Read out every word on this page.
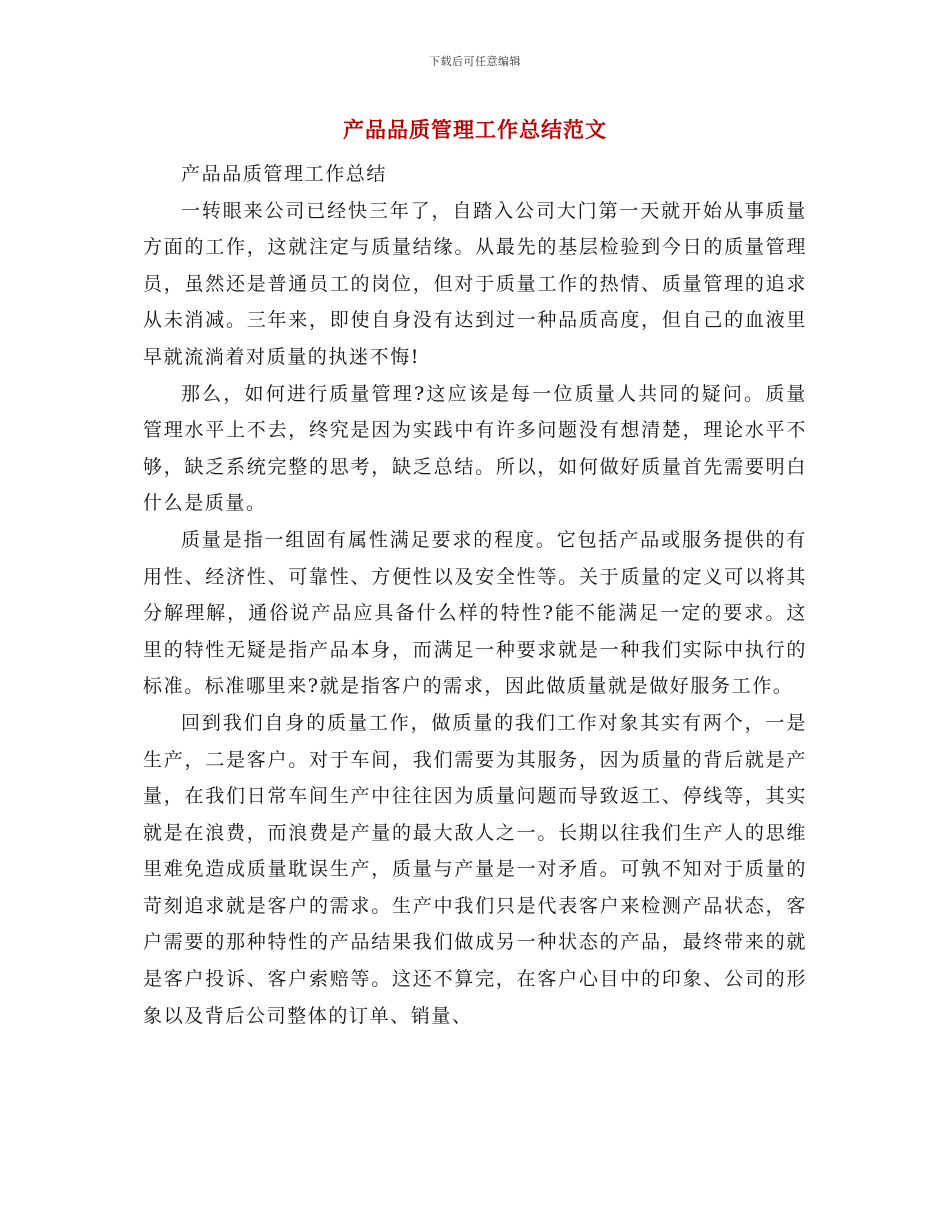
下载后可任意编辑
产品品质管理工作总结范文

产品品质管理工作总结

一转眼来公司已经快三年了，自踏入公司大门第一天就开始从事质量方面的工作，这就注定与质量结缘。从最先的基层检验到今日的质量管理员，虽然还是普通员工的岗位，但对于质量工作的热情、质量管理的追求从未消减。三年来，即使自身没有达到过一种品质高度，但自己的血液里早就流淌着对质量的执迷不悔!

那么，如何进行质量管理?这应该是每一位质量人共同的疑问。质量管理水平上不去，终究是因为实践中有许多问题没有想清楚，理论水平不够，缺乏系统完整的思考，缺乏总结。所以，如何做好质量首先需要明白什么是质量。

质量是指一组固有属性满足要求的程度。它包括产品或服务提供的有用性、经济性、可靠性、方便性以及安全性等。关于质量的定义可以将其分解理解，通俗说产品应具备什么样的特性?能不能满足一定的要求。这里的特性无疑是指产品本身，而满足一种要求就是一种我们实际中执行的标准。标准哪里来?就是指客户的需求，因此做质量就是做好服务工作。

回到我们自身的质量工作，做质量的我们工作对象其实有两个，一是生产，二是客户。对于车间，我们需要为其服务，因为质量的背后就是产量，在我们日常车间生产中往往因为质量问题而导致返工、停线等，其实就是在浪费，而浪费是产量的最大敌人之一。长期以往我们生产人的思维里难免造成质量耽误生产，质量与产量是一对矛盾。可孰不知对于质量的苛刻追求就是客户的需求。生产中我们只是代表客户来检测产品状态，客户需要的那种特性的产品结果我们做成另一种状态的产品，最终带来的就是客户投诉、客户索赔等。这还不算完，在客户心目中的印象、公司的形象以及背后公司整体的订单、销量、
